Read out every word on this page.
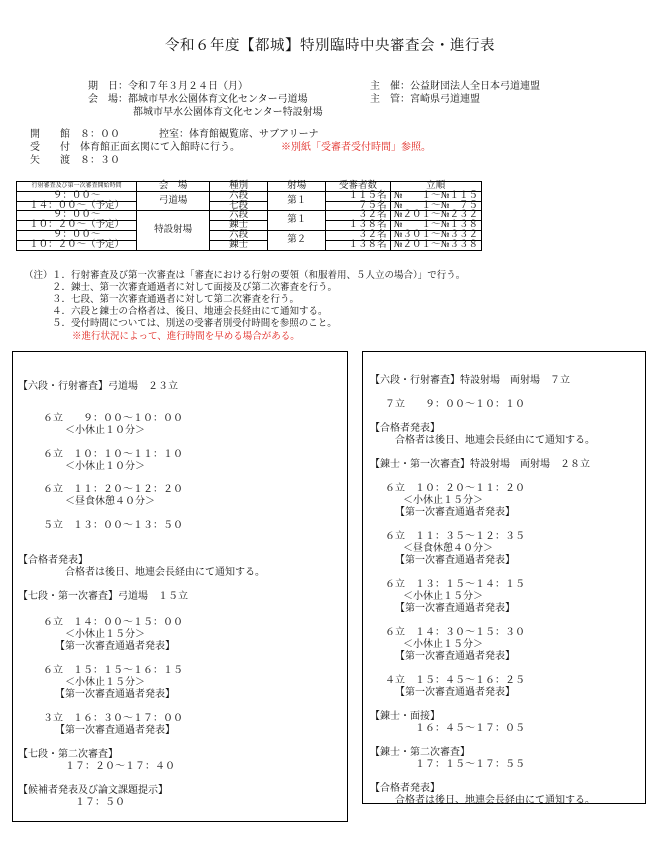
令和６年度【都城】特別臨時中央審査会・進行表
期　日：令和７年３月２４日（月）
会　場：都城市早水公園体育文化センター弓道場
都城市早水公園体育文化センター特設射場
主　催：公益財団法人全日本弓道連盟
主　管：宮崎県弓道連盟
開　　館　８：００	控室：体育館観覧席、サブアリーナ
受　　付　体育館正面玄関にて入館時に行う。	※別紙「受審者受付時間」参照。
矢　　渡　８：３０
行射審査及び第一次審査開始時間	会　場	種別	射場	受審者数	立順
９：００～	弓道場	六段	第１	１１５名	№　　１～№１１５
１４：００～（予定）		七段		７５名	№　　１～№　７５
９：００～	特設射場	六段	第１	３２名	№２０１～№２３２
１０：２０～（予定）		錬士		１３８名	№　　１～№１３８
９：００～		六段	第２	３２名	№３０１～№３３２
１０：２０～（予定）		錬士		１３８名	№２０１～№３３８
（注） １．行射審査及び第一次審査は「審査における行射の要領（和服着用、５人立の場合）」で行う。
２．錬士、第一次審査通過者に対して面接及び第二次審査を行う。
３．七段、第一次審査通過者に対して第二次審査を行う。
４．六段と錬士の合格者は、後日、地連会長経由にて通知する。
５．受付時間については、別送の受審者別受付時間を参照のこと。
※進行状況によって、進行時間を早める場合がある。
【六段・行射審査】弓道場　２３立
６立　　９：００～１０：００
＜小休止１０分＞
６立　１０：１０～１１：１０
＜小休止１０分＞
６立　１１：２０～１２：２０
＜昼食休憩４０分＞
５立　１３：００～１３：５０
【合格者発表】
合格者は後日、地連会長経由にて通知する。
【七段・第一次審査】弓道場　１５立
６立　１４：００～１５：００
＜小休止１５分＞
【第一次審査通過者発表】
６立　１５：１５～１６：１５
＜小休止１５分＞
【第一次審査通過者発表】
３立　１６：３０～１７：００
【第一次審査通過者発表】
【七段・第二次審査】
１７：２０～１７：４０
【候補者発表及び論文課題提示】
１７：５０
【六段・行射審査】特設射場　両射場　７立
７立　　９：００～１０：１０
【合格者発表】
合格者は後日、地連会長経由にて通知する。
【錬士・第一次審査】特設射場　両射場　２８立
６立　１０：２０～１１：２０
＜小休止１５分＞
【第一次審査通過者発表】
６立　１１：３５～１２：３５
＜昼食休憩４０分＞
【第一次審査通過者発表】
６立　１３：１５～１４：１５
＜小休止１５分＞
【第一次審査通過者発表】
６立　１４：３０～１５：３０
＜小休止１５分＞
【第一次審査通過者発表】
４立　１５：４５～１６：２５
【第一次審査通過者発表】
【錬士・面接】
１６：４５～１７：０５
【錬士・第二次審査】
１７：１５～１７：５５
【合格者発表】
合格者は後日、地連会長経由にて通知する。
